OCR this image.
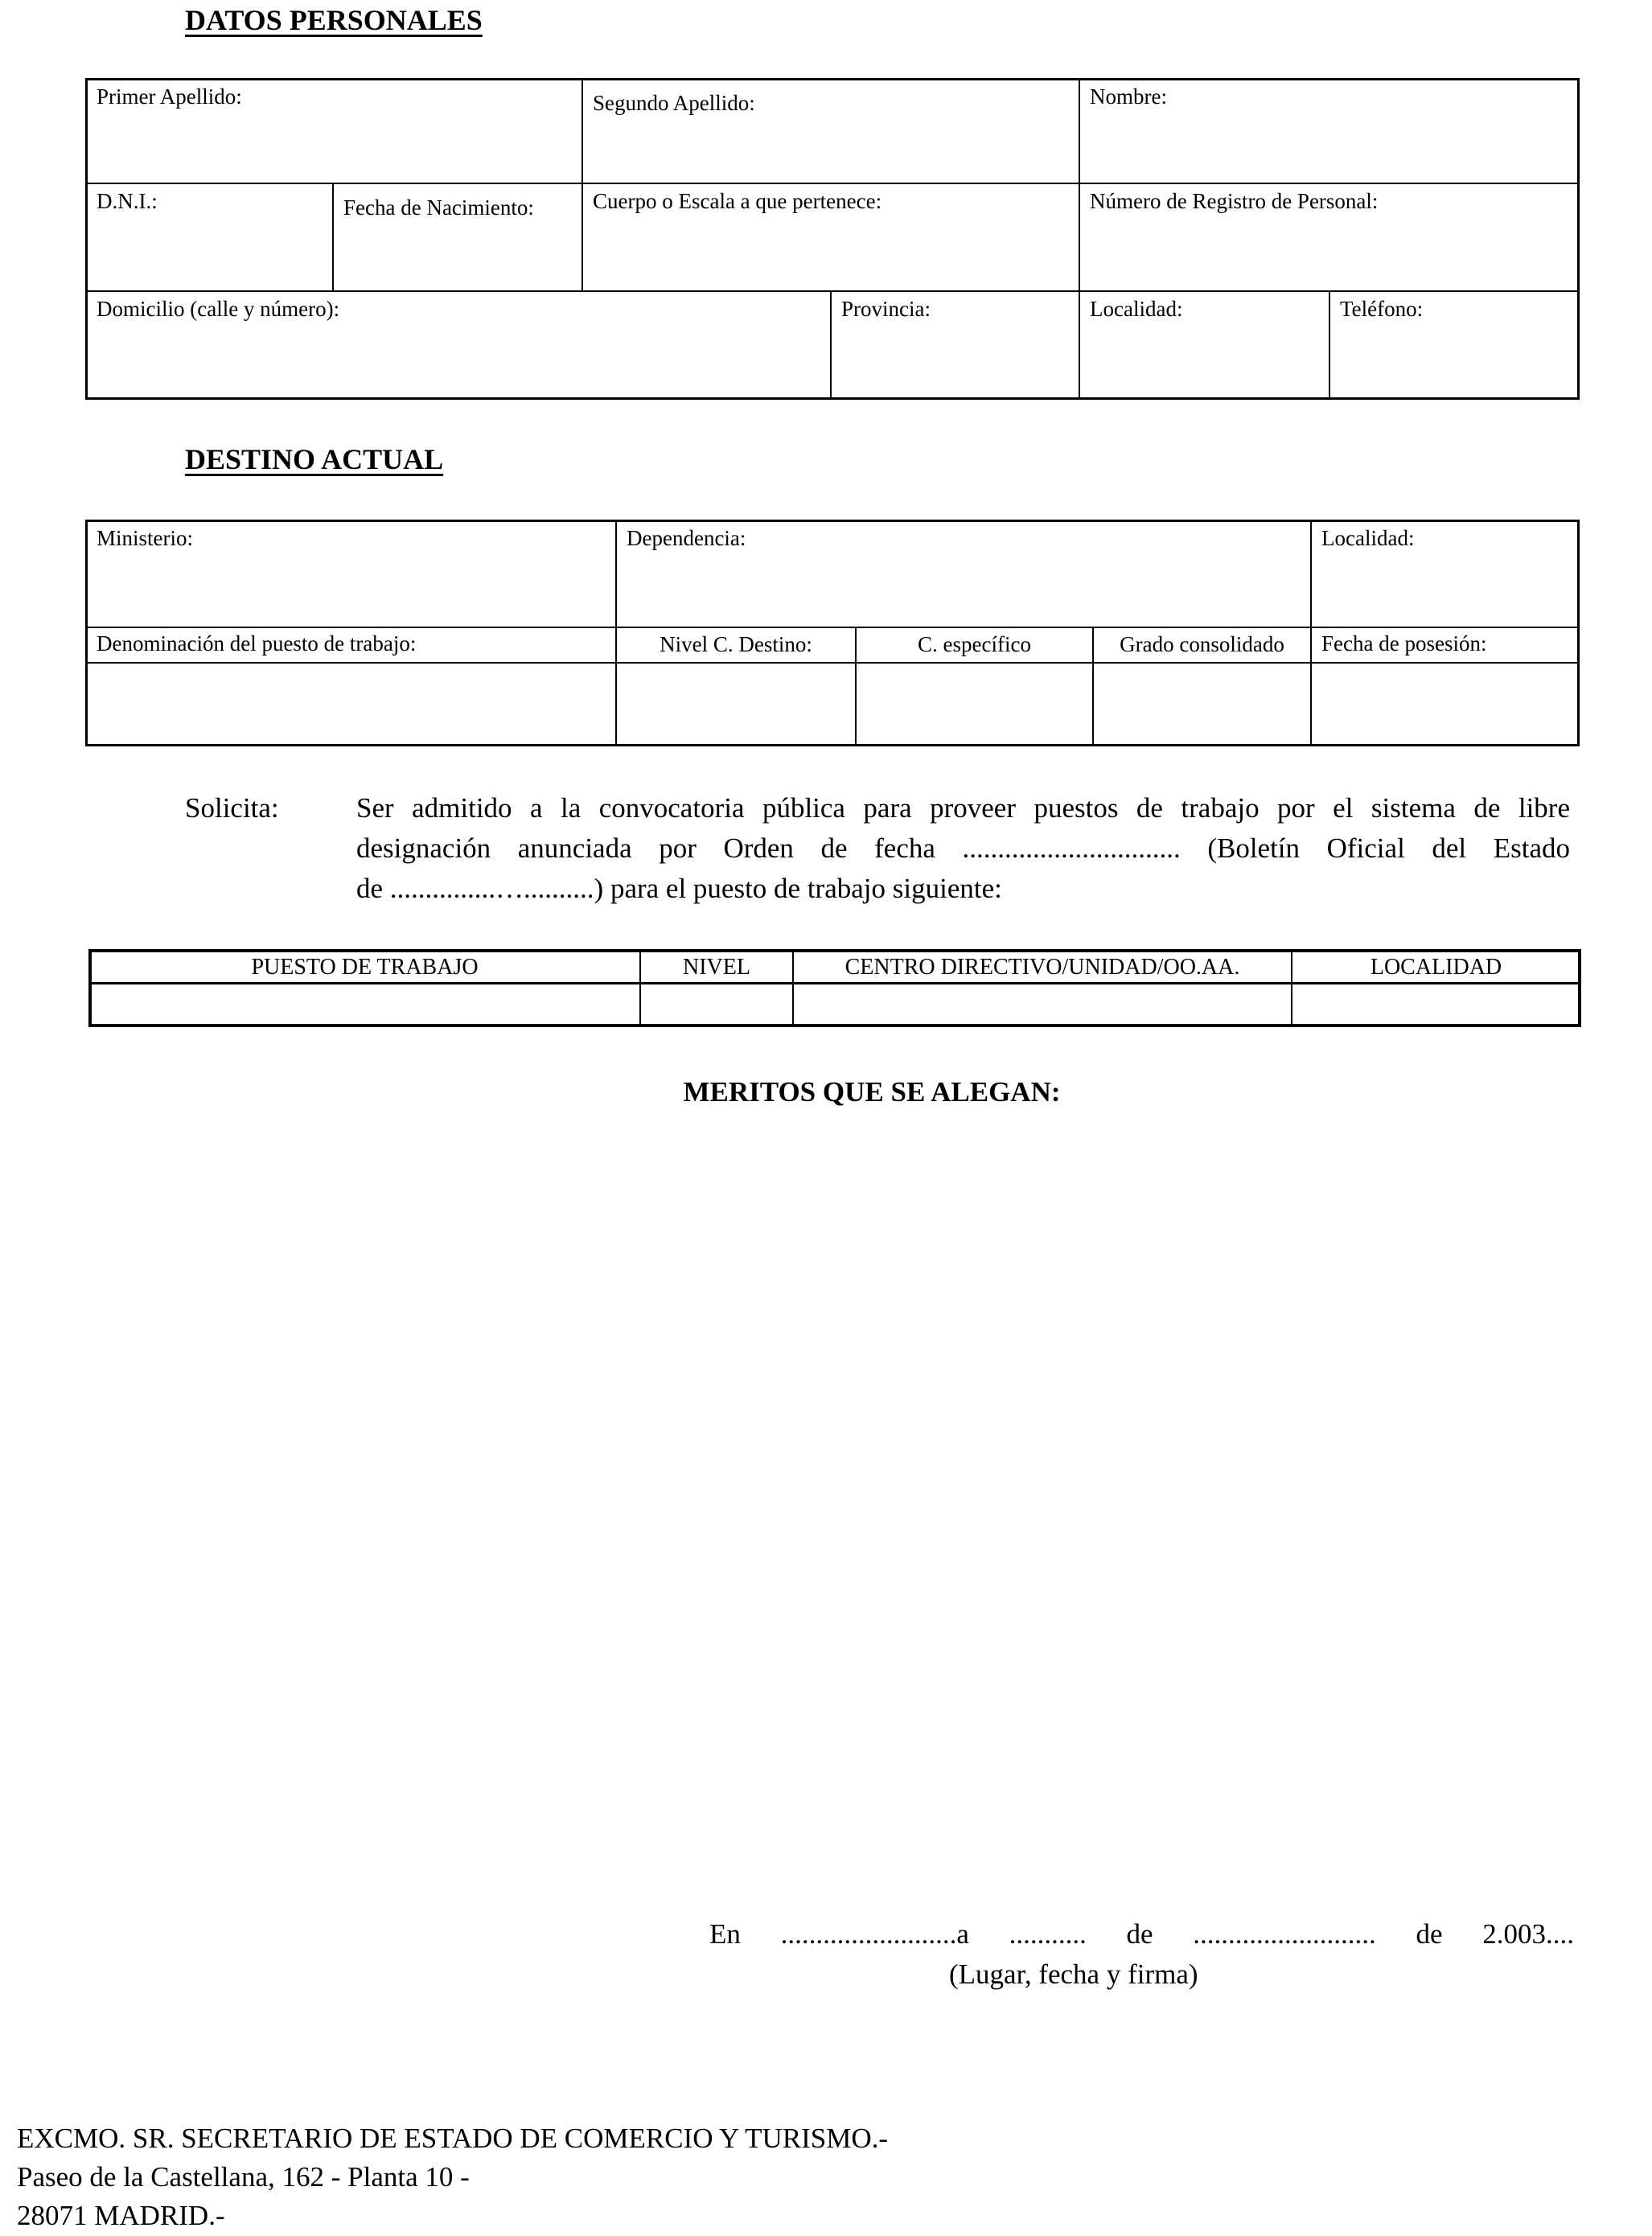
DATOS PERSONALES
Primer Apellido:	Segundo Apellido:	Nombre:
D.N.I.:	Fecha de Nacimiento:	Cuerpo o Escala a que pertenece:	Número de Registro de Personal:
Domicilio (calle y número):	Provincia:	Localidad:	Teléfono:
DESTINO ACTUAL
Ministerio:	Dependencia:	Localidad:
Denominación del puesto de trabajo:	Nivel C. Destino:	C. específico	Grado consolidado	Fecha de posesión:
Solicita:	Ser admitido a la convocatoria pública para proveer puestos de trabajo por el sistema de libre
designación anunciada por Orden de fecha ............................... (Boletín Oficial del Estado
de ...............…..........) para el puesto de trabajo siguiente:
PUESTO DE TRABAJO	NIVEL	CENTRO DIRECTIVO/UNIDAD/OO.AA.	LOCALIDAD
MERITOS QUE SE ALEGAN:
En .........................a ........... de .......................... de 2.003....
(Lugar, fecha y firma)
EXCMO. SR. SECRETARIO DE ESTADO DE COMERCIO Y TURISMO.-
Paseo de la Castellana, 162 - Planta 10 -
28071 MADRID.-
